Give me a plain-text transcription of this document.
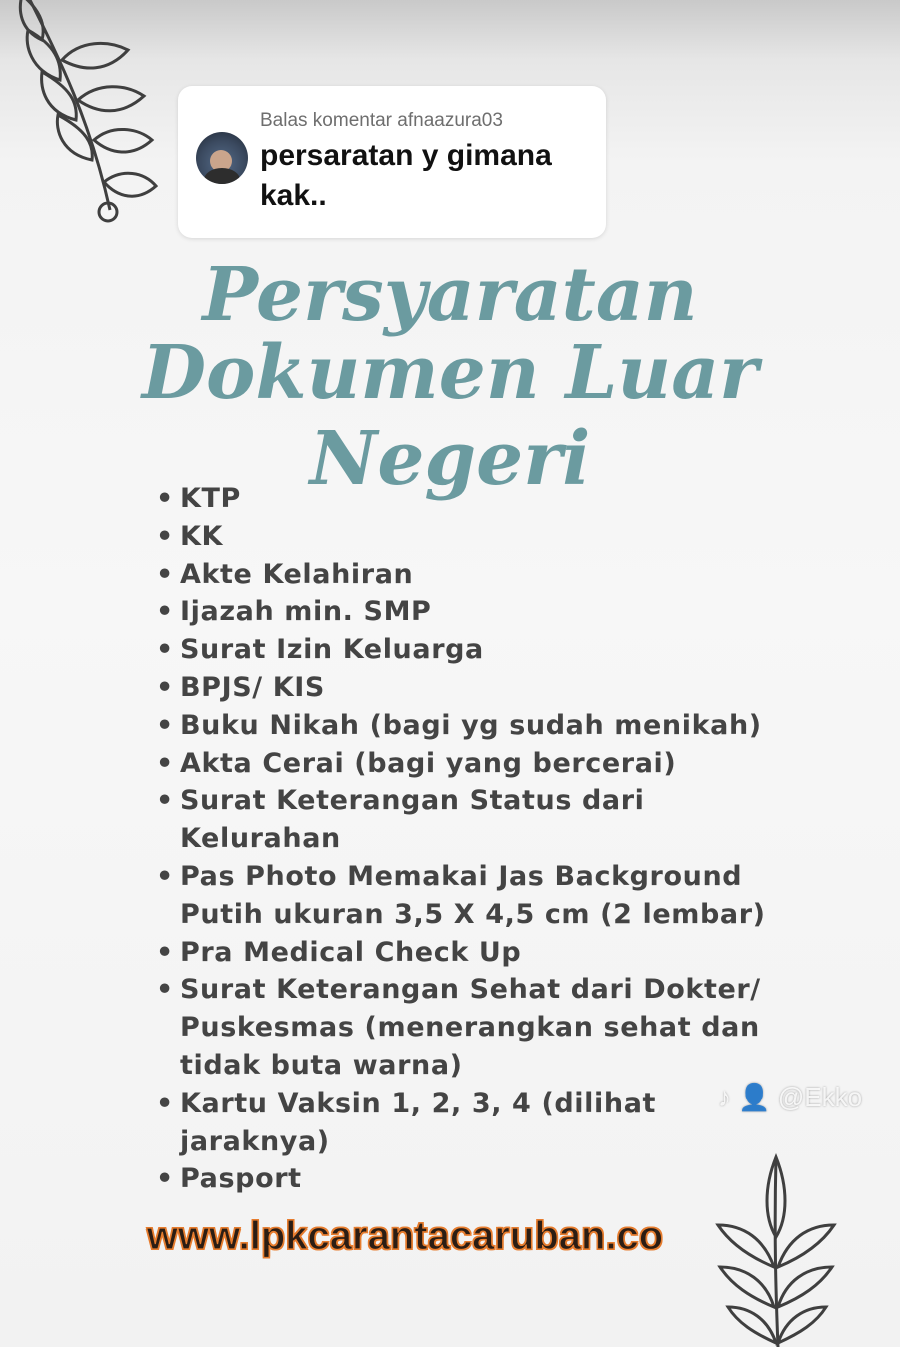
Balas komentar afnaazura03
persaratan y gimana kak..
Persyaratan
Dokumen Luar Negeri
• KTP
• KK
• Akte Kelahiran
• Ijazah min. SMP
• Surat Izin Keluarga
• BPJS/ KIS
• Buku Nikah (bagi yg sudah menikah)
• Akta Cerai (bagi yang bercerai)
• Surat Keterangan Status dari Kelurahan
• Pas Photo Memakai Jas Background Putih ukuran 3,5 X 4,5 cm (2 lembar)
• Pra Medical Check Up
• Surat Keterangan Sehat dari Dokter/ Puskesmas (menerangkan sehat dan tidak buta warna)
• Kartu Vaksin 1, 2, 3, 4 (dilihat jaraknya)
• Pasport
♪ 👤 @Ekko
www.lpkcarantacaruban.co
